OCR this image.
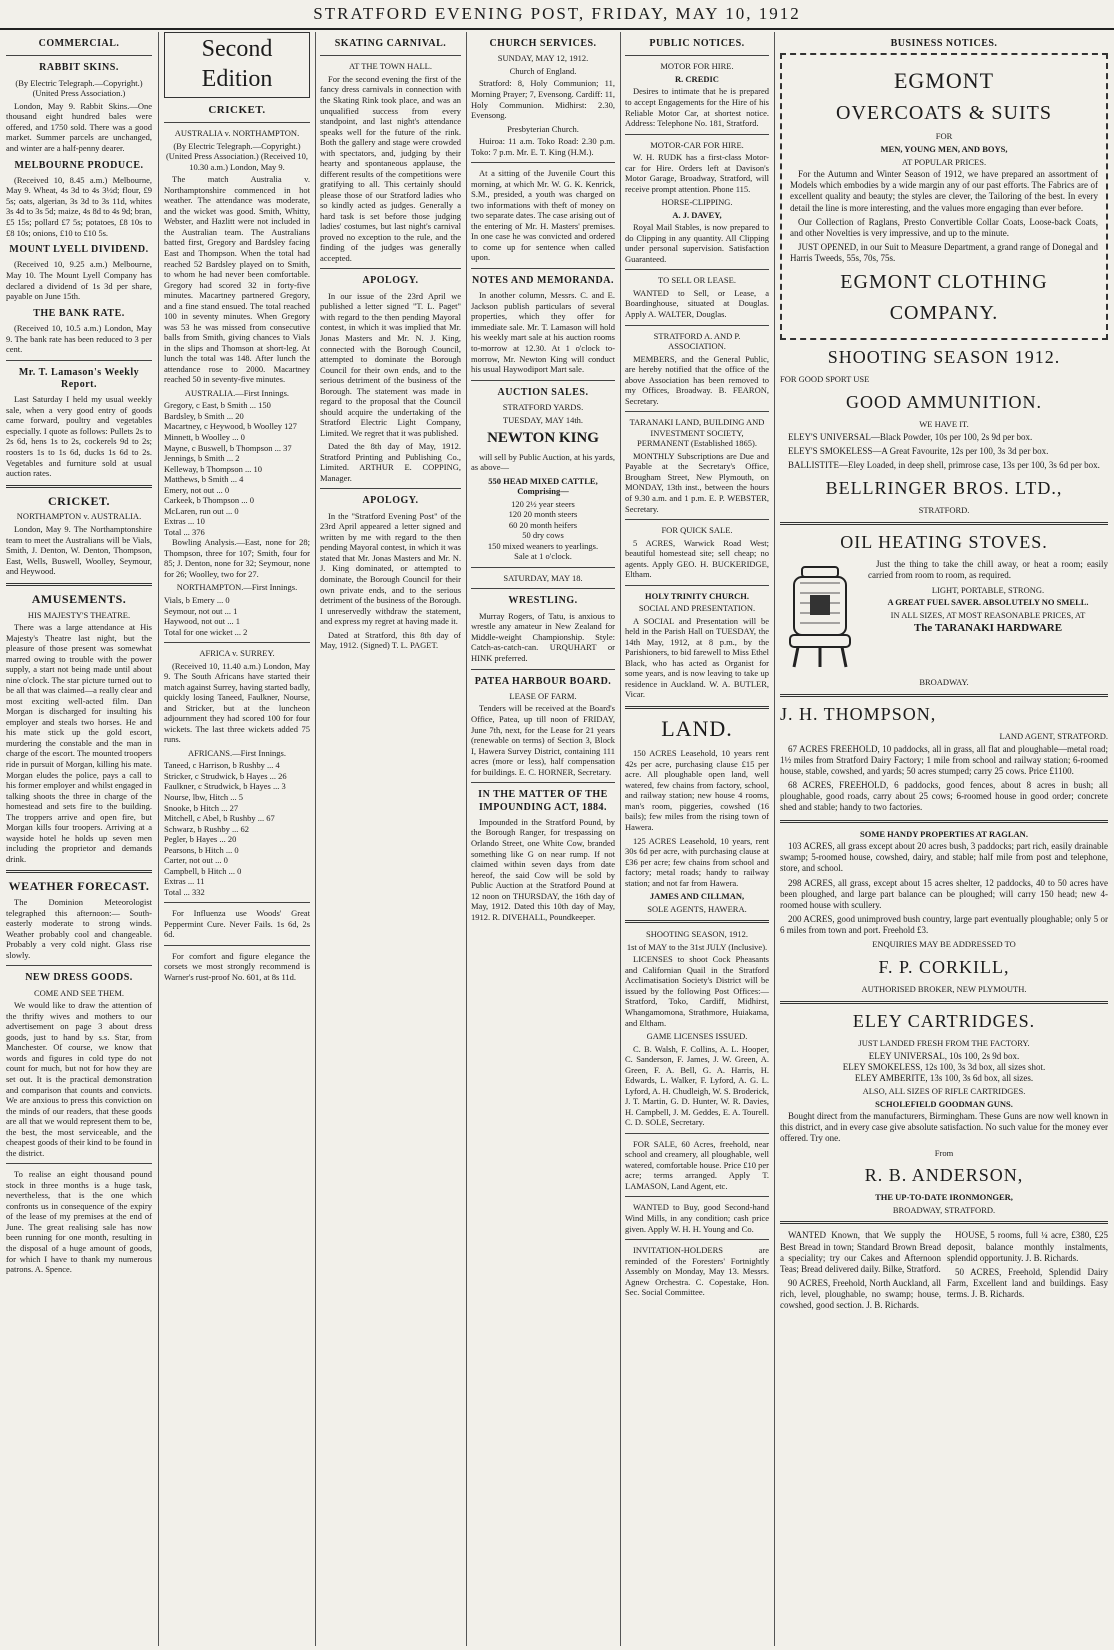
STRATFORD EVENING POST, FRIDAY, MAY 10, 1912
COMMERCIAL.
RABBIT SKINS.
(By Electric Telegraph.—Copyright.) (United Press Association.)

London, May 9. Rabbit Skins.—One thousand eight hundred bales were offered, and 1750 sold. There was a good market. Summer parcels are unchanged, and winter are a half-penny dearer.

MELBOURNE PRODUCE.

(Received 10, 8.45 a.m.) Melbourne, May 9. Wheat, 4s 3d to 4s 3½d; flour, £9 5s; oats, algerian, 3s 3d to 3s 11d, whites 3s 4d to 3s 5d; maize, 4s 8d to 4s 9d; bran, £5 15s; pollard £7 5s; potatoes, £8 10s to £8 10s; onions, £10 to £10 5s.

MOUNT LYELL DIVIDEND.

(Received 10, 9.25 a.m.) Melbourne, May 10. The Mount Lyell Company has declared a dividend of 1s 3d per share, payable on June 15th.

THE BANK RATE.

(Received 10, 10.5 a.m.) London, May 9. The bank rate has been reduced to 3 per cent.

Mr. T. Lamason's Weekly Report.

Last Saturday I held my usual weekly sale, when a very good entry of goods came forward, poultry and vegetables especially. I quote as follows: Pullets 2s to 2s 6d, hens 1s to 2s, cockerels 9d to 2s; roosters 1s to 1s 6d, ducks 1s 6d to 2s. Vegetables and furniture sold at usual auction rates.

CRICKET.
NORTHAMPTON v. AUSTRALIA.

London, May 9. The Northamptonshire team to meet the Australians will be Vials, Smith, J. Denton, W. Denton, Thompson, East, Wells, Buswell, Woolley, Seymour, and Heywood.

AMUSEMENTS.
HIS MAJESTY'S THEATRE.

There was a large attendance at His Majesty's Theatre last night, but the pleasure of those present was somewhat marred owing to trouble with the power supply, a start not being made until about nine o'clock. The star picture turned out to be all that was claimed—a really clear and most exciting well-acted film. Dan Morgan is discharged for insulting his employer and steals two horses. He and his mate stick up the gold escort, murdering the constable and the man in charge of the escort. The mounted troopers ride in pursuit of Morgan, killing his mate. Morgan eludes the police, pays a call to his former employer and whilst engaged in talking shoots the three in charge of the homestead and sets fire to the building. The troppers arrive and open fire, but Morgan kills four troopers. Arriving at a wayside hotel he holds up seven men including the proprietor and demands drink.

WEATHER FORECAST.

The Dominion Meteorologist telegraphed this afternoon:— South-easterly moderate to strong winds. Weather probably cool and changeable. Probably a very cold night. Glass rise slowly.

NEW DRESS GOODS.
COME AND SEE THEM.

We would like to draw the attention of the thrifty wives and mothers to our advertisement on page 3 about dress goods, just to hand by s.s. Star, from Manchester. Of course, we know that words and figures in cold type do not count for much, but not for how they are set out. It is the practical demonstration and comparison that counts and convicts. We are anxious to press this conviction on the minds of our readers, that these goods are all that we would represent them to be, the best, the most serviceable, and the cheapest goods of their kind to be found in the district.

To realise an eight thousand pound stock in three months is a huge task, nevertheless, that is the one which confronts us in consequence of the expiry of the lease of my premises at the end of June. The great realising sale has now been running for one month, resulting in the disposal of a huge amount of goods, for which I have to thank my numerous patrons. A. Spence.

Second Edition
CRICKET.
AUSTRALIA v. NORTHAMPTON.
(By Electric Telegraph.—Copyright.) (United Press Association.) (Received 10, 10.30 a.m.) London, May 9.

The match Australia v. Northamptonshire commenced in hot weather. The attendance was moderate, and the wicket was good. Smith, Whitty, Webster, and Hazlitt were not included in the Australian team. The Australians batted first, Gregory and Bardsley facing East and Thompson. When the total had reached 52 Bardsley played on to Smith, to whom he had never been comfortable. Gregory had scored 32 in forty-five minutes. Macartney partnered Gregory, and a fine stand ensued. The total reached 100 in seventy minutes. When Gregory was 53 he was missed from consecutive balls from Smith, giving chances to Vials in the slips and Thomson at short-leg. At lunch the total was 148. After lunch the attendance rose to 2000. Macartney reached 50 in seventy-five minutes.

AUSTRALIA.—First Innings.
Gregory, c East, b Smith ... 150
Bardsley, b Smith ... 20
Macartney, c Heywood, b Woolley 127
Minnett, b Woolley ... 0
Mayne, c Buswell, b Thompson ... 37
Jennings, b Smith ... 2
Kelleway, b Thompson ... 10
Matthews, b Smith ... 4
Emery, not out ... 0
Carkeek, b Thompson ... 0
McLaren, run out ... 0
Extras ... 10
Total ... 376

Bowling Analysis.—East, none for 28; Thompson, three for 107; Smith, four for 85; J. Denton, none for 32; Seymour, none for 26; Woolley, two for 27.

NORTHAMPTON.—First Innings.
Vials, b Emery ... 0
Seymour, not out ... 1
Haywood, not out ... 1
Total for one wicket ... 2
AFRICA v. SURREY.

(Received 10, 11.40 a.m.) London, May 9. The South Africans have started their match against Surrey, having started badly, quickly losing Taneed, Faulkner, Nourse, and Stricker, but at the luncheon adjournment they had scored 100 for four wickets. The last three wickets added 75 runs.

AFRICANS.—First Innings.
Taneed, c Harrison, b Rushby ... 4
Stricker, c Strudwick, b Hayes ... 26
Faulkner, c Strudwick, b Hayes ... 3
Nourse, lbw, Hitch ... 5
Snooke, b Hitch ... 27
Mitchell, c Abel, b Rushby ... 67
Schwarz, b Rushby ... 62
Pegler, b Hayes ... 20
Pearsons, b Hitch ... 0
Carter, not out ... 0
Campbell, b Hitch ... 0
Extras ... 11
Total ... 332

For Influenza use Woods' Great Peppermint Cure. Never Fails. 1s 6d, 2s 6d.

For comfort and figure elegance the corsets we most strongly recommend is Warner's rust-proof No. 601, at 8s 11d.

SKATING CARNIVAL.
AT THE TOWN HALL.

For the second evening the first of the fancy dress carnivals in connection with the Skating Rink took place, and was an unqualified success from every standpoint, and last night's attendance speaks well for the future of the rink. Both the gallery and stage were crowded with spectators, and, judging by their hearty and spontaneous applause, the different results of the competitions were gratifying to all. This certainly should please those of our Stratford ladies who so kindly acted as judges. Generally a hard task is set before those judging ladies' costumes, but last night's carnival proved no exception to the rule, and the finding of the judges was generally accepted.

APOLOGY.

In our issue of the 23rd April we published a letter signed "T. L. Paget" with regard to the then pending Mayoral contest, in which it was implied that Mr. Jonas Masters and Mr. N. J. King, connected with the Borough Council, attempted to dominate the Borough Council for their own ends, and to the serious detriment of the business of the Borough. The statement was made in regard to the proposal that the Council should acquire the undertaking of the Stratford Electric Light Company, Limited. We regret that it was published.

Dated the 8th day of May, 1912. Stratford Printing and Publishing Co., Limited. ARTHUR E. COPPING, Manager.

APOLOGY.

In the "Stratford Evening Post" of the 23rd April appeared a letter signed and written by me with regard to the then pending Mayoral contest, in which it was stated that Mr. Jonas Masters and Mr. N. J. King dominated, or attempted to dominate, the Borough Council for their own private ends, and to the serious detriment of the business of the Borough. I unreservedly withdraw the statement, and express my regret at having made it.

Dated at Stratford, this 8th day of May, 1912. (Signed) T. L. PAGET.

CHURCH SERVICES.
SUNDAY, MAY 12, 1912.
Church of England.

Stratford: 8, Holy Communion; 11, Morning Prayer; 7, Evensong. Cardiff: 11, Holy Communion. Midhirst: 2.30, Evensong.

Presbyterian Church.

Huiroa: 11 a.m. Toko Road: 2.30 p.m. Toko: 7 p.m. Mr. E. T. King (H.M.).

At a sitting of the Juvenile Court this morning, at which Mr. W. G. K. Kenrick, S.M., presided, a youth was charged on two informations with theft of money on two separate dates. The case arising out of the entering of Mr. H. Masters' premises. In one case he was convicted and ordered to come up for sentence when called upon.

NOTES AND MEMORANDA.

In another column, Messrs. C. and E. Jackson publish particulars of several properties, which they offer for immediate sale. Mr. T. Lamason will hold his weekly mart sale at his auction rooms to-morrow at 12.30. At 1 o'clock to-morrow, Mr. Newton King will conduct his usual Haywodiport Mart sale.

AUCTION SALES.
STRATFORD YARDS.
TUESDAY, MAY 14th.
NEWTON KING

will sell by Public Auction, at his yards, as above—

550 HEAD MIXED CATTLE, Comprising—
120 2½ year steers
120 20 month steers
60 20 month heifers
50 dry cows
150 mixed weaners to yearlings.
Sale at 1 o'clock.
SATURDAY, MAY 18.
WRESTLING.

Murray Rogers, of Tatu, is anxious to wrestle any amateur in New Zealand for Middle-weight Championship. Style: Catch-as-catch-can. URQUHART or HINK preferred.

PATEA HARBOUR BOARD.
LEASE OF FARM.

Tenders will be received at the Board's Office, Patea, up till noon of FRIDAY, June 7th, next, for the Lease for 21 years (renewable on terms) of Section 3, Block I, Hawera Survey District, containing 111 acres (more or less), half compensation for buildings. E. C. HORNER, Secretary.

IN THE MATTER OF THE IMPOUNDING ACT, 1884.

Impounded in the Stratford Pound, by the Borough Ranger, for trespassing on Orlando Street, one White Cow, branded something like G on near rump. If not claimed within seven days from date hereof, the said Cow will be sold by Public Auction at the Stratford Pound at 12 noon on THURSDAY, the 16th day of May, 1912. Dated this 10th day of May, 1912. R. DIVEHALL, Poundkeeper.

PUBLIC NOTICES.
MOTOR FOR HIRE.
R. CREDIC

Desires to intimate that he is prepared to accept Engagements for the Hire of his Reliable Motor Car, at shortest notice. Address: Telephone No. 181, Stratford.

MOTOR-CAR FOR HIRE.

W. H. RUDK has a first-class Motor-car for Hire. Orders left at Davison's Motor Garage, Broadway, Stratford, will receive prompt attention. Phone 115.

HORSE-CLIPPING.
A. J. DAVEY,

Royal Mail Stables, is now prepared to do Clipping in any quantity. All Clipping under personal supervision. Satisfaction Guaranteed.

TO SELL OR LEASE.

WANTED to Sell, or Lease, a Boardinghouse, situated at Douglas. Apply A. WALTER, Douglas.

STRATFORD A. AND P. ASSOCIATION.

MEMBERS, and the General Public, are hereby notified that the office of the above Association has been removed to my Offices, Broadway. B. FEARON, Secretary.

TARANAKI LAND, BUILDING AND INVESTMENT SOCIETY, PERMANENT (Established 1865).

MONTHLY Subscriptions are Due and Payable at the Secretary's Office, Brougham Street, New Plymouth, on MONDAY, 13th inst., between the hours of 9.30 a.m. and 1 p.m. E. P. WEBSTER, Secretary.

FOR QUICK SALE.

5 ACRES, Warwick Road West; beautiful homestead site; sell cheap; no agents. Apply GEO. H. BUCKERIDGE, Eltham.

HOLY TRINITY CHURCH.
SOCIAL AND PRESENTATION.

A SOCIAL and Presentation will be held in the Parish Hall on TUESDAY, the 14th May, 1912, at 8 p.m., by the Parishioners, to bid farewell to Miss Ethel Black, who has acted as Organist for some years, and is now leaving to take up residence in Auckland. W. A. BUTLER, Vicar.

LAND.

150 ACRES Leasehold, 10 years rent 42s per acre, purchasing clause £15 per acre. All ploughable open land, well watered, few chains from factory, school, and railway station; new house 4 rooms, man's room, piggeries, cowshed (16 bails); few miles from the rising town of Hawera.

125 ACRES Leasehold, 10 years, rent 30s 6d per acre, with purchasing clause at £36 per acre; few chains from school and factory; metal roads; handy to railway station; and not far from Hawera.

JAMES AND CILLMAN,
SOLE AGENTS, HAWERA.
SHOOTING SEASON, 1912.
1st of MAY to the 31st JULY (Inclusive).

LICENSES to shoot Cock Pheasants and Californian Quail in the Stratford Acclimatisation Society's District will be issued by the following Post Offices:—Stratford, Toko, Cardiff, Midhirst, Whangamomona, Strathmore, Huiakama, and Eltham.

GAME LICENSES ISSUED.

C. B. Walsh, F. Collins, A. L. Hooper, C. Sanderson, F. James, J. W. Green, A. Green, F. A. Bell, G. A. Harris, H. Edwards, L. Walker, F. Lyford, A. G. L. Lyford, A. H. Chudleigh, W. S. Broderick, J. T. Martin, G. D. Hunter, W. R. Davies, H. Campbell, J. M. Geddes, E. A. Tourell. C. D. SOLE, Secretary.

FOR SALE, 60 Acres, freehold, near school and creamery, all ploughable, well watered, comfortable house. Price £10 per acre; terms arranged. Apply T. LAMASON, Land Agent, etc.

WANTED to Buy, good Second-hand Wind Mills, in any condition; cash price given. Apply W. H. H. Young and Co.

INVITATION-HOLDERS are reminded of the Foresters' Fortnightly Assembly on Monday, May 13. Messrs. Agnew Orchestra. C. Copestake, Hon. Sec. Social Committee.

BUSINESS NOTICES.
EGMONT
OVERCOATS & SUITS
FOR
MEN, YOUNG MEN, AND BOYS,
AT POPULAR PRICES.

For the Autumn and Winter Season of 1912, we have prepared an assortment of Models which embodies by a wide margin any of our past efforts. The Fabrics are of excellent quality and beauty; the styles are clever, the Tailoring of the best. In every detail the line is more interesting, and the values more engaging than ever before.

Our Collection of Raglans, Presto Convertible Collar Coats, Loose-back Coats, and other Novelties is very impressive, and up to the minute.

JUST OPENED, in our Suit to Measure Department, a grand range of Donegal and Harris Tweeds, 55s, 70s, 75s.

EGMONT CLOTHING
COMPANY.
SHOOTING SEASON 1912.
FOR GOOD SPORT USE
GOOD AMMUNITION.
WE HAVE IT.

ELEY'S UNIVERSAL—Black Powder, 10s per 100, 2s 9d per box.

ELEY'S SMOKELESS—A Great Favourite, 12s per 100, 3s 3d per box.

BALLISTITE—Eley Loaded, in deep shell, primrose case, 13s per 100, 3s 6d per box.

BELLRINGER BROS. LTD.,
STRATFORD.
OIL HEATING STOVES.

Just the thing to take the chill away, or heat a room; easily carried from room to room, as required.

LIGHT, PORTABLE, STRONG.
A GREAT FUEL SAVER. ABSOLUTELY NO SMELL.
IN ALL SIZES, AT MOST REASONABLE PRICES, AT
The TARANAKI HARDWARE
BROADWAY.
J. H. THOMPSON,
LAND AGENT, STRATFORD.

67 ACRES FREEHOLD, 10 paddocks, all in grass, all flat and ploughable—metal road; 1½ miles from Stratford Dairy Factory; 1 mile from school and railway station; 6-roomed house, stable, cowshed, and yards; 50 acres stumped; carry 25 cows. Price £1100.

68 ACRES, FREEHOLD, 6 paddocks, good fences, about 8 acres in bush; all ploughable, good roads, carry about 25 cows; 6-roomed house in good order; concrete shed and stable; handy to two factories.

SOME HANDY PROPERTIES AT RAGLAN.

103 ACRES, all grass except about 20 acres bush, 3 paddocks; part rich, easily drainable swamp; 5-roomed house, cowshed, dairy, and stable; half mile from post and telephone, store, and school.

298 ACRES, all grass, except about 15 acres shelter, 12 paddocks, 40 to 50 acres have been ploughed, and large part balance can be ploughed; will carry 150 head; new 4-roomed house with scullery.

200 ACRES, good unimproved bush country, large part eventually ploughable; only 5 or 6 miles from town and port. Freehold £3.

ENQUIRIES MAY BE ADDRESSED TO
F. P. CORKILL,
AUTHORISED BROKER, NEW PLYMOUTH.
ELEY CARTRIDGES.
JUST LANDED FRESH FROM THE FACTORY.
ELEY UNIVERSAL, 10s 100, 2s 9d box.
ELEY SMOKELESS, 12s 100, 3s 3d box, all sizes shot.
ELEY AMBERITE, 13s 100, 3s 6d box, all sizes.
ALSO, ALL SIZES OF RIFLE CARTRIDGES.
SCHOLEFIELD GOODMAN GUNS.

Bought direct from the manufacturers, Birmingham. These Guns are now well known in this district, and in every case give absolute satisfaction. No such value for the money ever offered. Try one.

From
R. B. ANDERSON,
THE UP-TO-DATE IRONMONGER,
BROADWAY, STRATFORD.

WANTED Known, that We supply the Best Bread in town; Standard Brown Bread a speciality; try our Cakes and Afternoon Teas; Bread delivered daily. Bilke, Stratford.

90 ACRES, Freehold, North Auckland, all rich, level, ploughable, no swamp; house, cowshed, good section. J. B. Richards.

HOUSE, 5 rooms, full ¼ acre, £380, £25 deposit, balance monthly instalments, splendid opportunity. J. B. Richards.

50 ACRES, Freehold, Splendid Dairy Farm, Excellent land and buildings. Easy terms. J. B. Richards.
